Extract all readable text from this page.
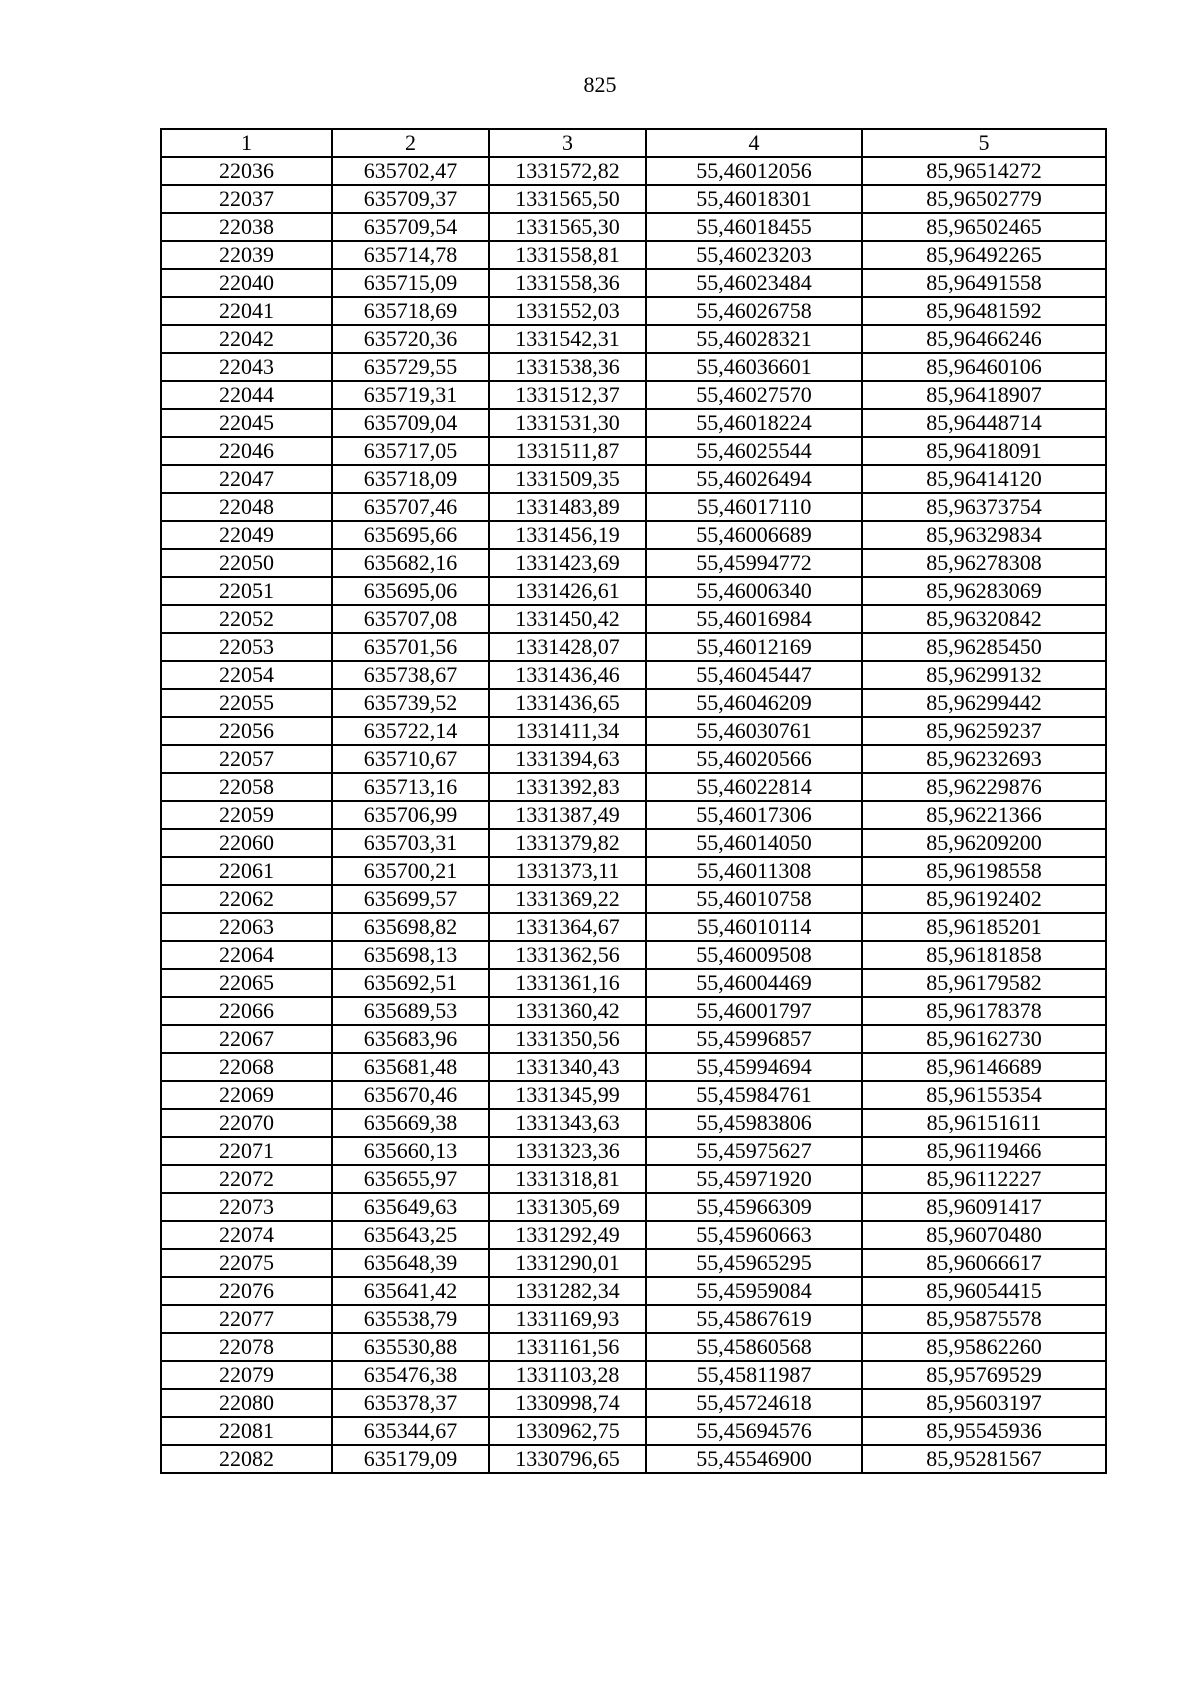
825
1	2	3	4	5
22036	635702,47	1331572,82	55,46012056	85,96514272
22037	635709,37	1331565,50	55,46018301	85,96502779
22038	635709,54	1331565,30	55,46018455	85,96502465
22039	635714,78	1331558,81	55,46023203	85,96492265
22040	635715,09	1331558,36	55,46023484	85,96491558
22041	635718,69	1331552,03	55,46026758	85,96481592
22042	635720,36	1331542,31	55,46028321	85,96466246
22043	635729,55	1331538,36	55,46036601	85,96460106
22044	635719,31	1331512,37	55,46027570	85,96418907
22045	635709,04	1331531,30	55,46018224	85,96448714
22046	635717,05	1331511,87	55,46025544	85,96418091
22047	635718,09	1331509,35	55,46026494	85,96414120
22048	635707,46	1331483,89	55,46017110	85,96373754
22049	635695,66	1331456,19	55,46006689	85,96329834
22050	635682,16	1331423,69	55,45994772	85,96278308
22051	635695,06	1331426,61	55,46006340	85,96283069
22052	635707,08	1331450,42	55,46016984	85,96320842
22053	635701,56	1331428,07	55,46012169	85,96285450
22054	635738,67	1331436,46	55,46045447	85,96299132
22055	635739,52	1331436,65	55,46046209	85,96299442
22056	635722,14	1331411,34	55,46030761	85,96259237
22057	635710,67	1331394,63	55,46020566	85,96232693
22058	635713,16	1331392,83	55,46022814	85,96229876
22059	635706,99	1331387,49	55,46017306	85,96221366
22060	635703,31	1331379,82	55,46014050	85,96209200
22061	635700,21	1331373,11	55,46011308	85,96198558
22062	635699,57	1331369,22	55,46010758	85,96192402
22063	635698,82	1331364,67	55,46010114	85,96185201
22064	635698,13	1331362,56	55,46009508	85,96181858
22065	635692,51	1331361,16	55,46004469	85,96179582
22066	635689,53	1331360,42	55,46001797	85,96178378
22067	635683,96	1331350,56	55,45996857	85,96162730
22068	635681,48	1331340,43	55,45994694	85,96146689
22069	635670,46	1331345,99	55,45984761	85,96155354
22070	635669,38	1331343,63	55,45983806	85,96151611
22071	635660,13	1331323,36	55,45975627	85,96119466
22072	635655,97	1331318,81	55,45971920	85,96112227
22073	635649,63	1331305,69	55,45966309	85,96091417
22074	635643,25	1331292,49	55,45960663	85,96070480
22075	635648,39	1331290,01	55,45965295	85,96066617
22076	635641,42	1331282,34	55,45959084	85,96054415
22077	635538,79	1331169,93	55,45867619	85,95875578
22078	635530,88	1331161,56	55,45860568	85,95862260
22079	635476,38	1331103,28	55,45811987	85,95769529
22080	635378,37	1330998,74	55,45724618	85,95603197
22081	635344,67	1330962,75	55,45694576	85,95545936
22082	635179,09	1330796,65	55,45546900	85,95281567
